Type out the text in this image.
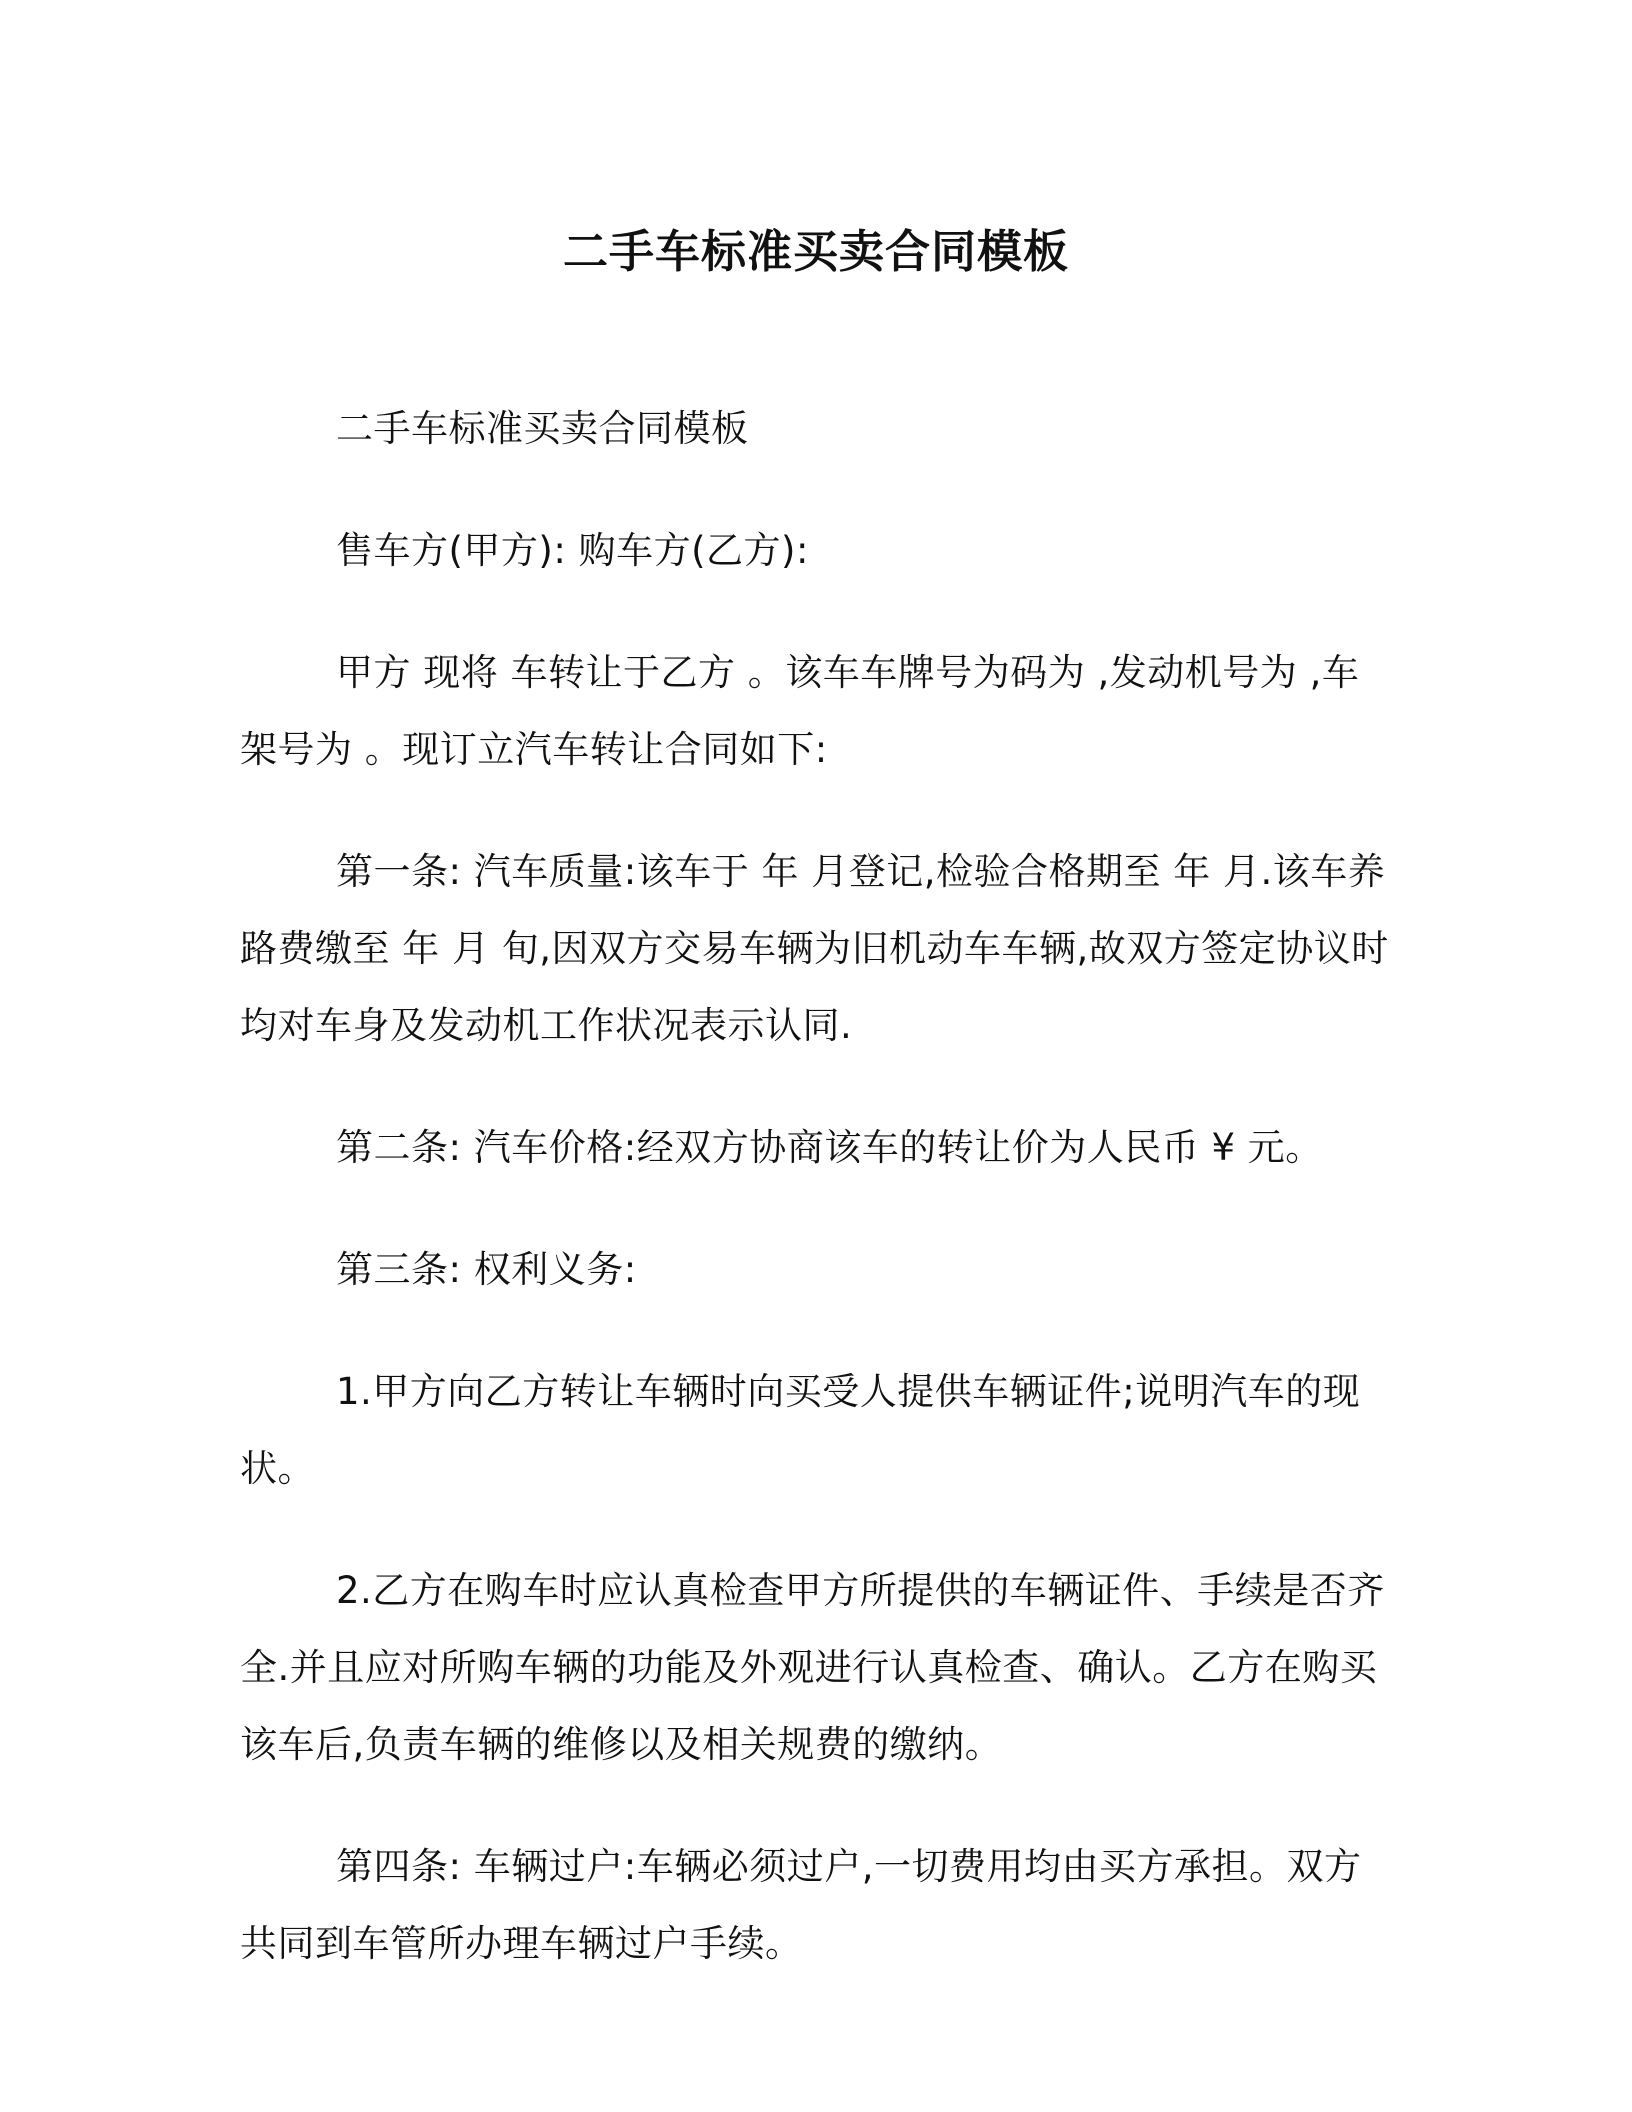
二手车标准买卖合同模板

二手车标准买卖合同模板

售车方(甲方): 购车方(乙方):

甲方 现将 车转让于乙方 。该车车牌号为码为 ,发动机号为 ,车架号为 。现订立汽车转让合同如下:

第一条: 汽车质量:该车于 年 月登记,检验合格期至 年 月.该车养路费缴至 年 月 旬,因双方交易车辆为旧机动车车辆,故双方签定协议时均对车身及发动机工作状况表示认同.

第二条: 汽车价格:经双方协商该车的转让价为人民币 ¥ 元。

第三条: 权利义务:

1.甲方向乙方转让车辆时向买受人提供车辆证件;说明汽车的现状。

2.乙方在购车时应认真检查甲方所提供的车辆证件、手续是否齐全.并且应对所购车辆的功能及外观进行认真检查、确认。乙方在购买该车后,负责车辆的维修以及相关规费的缴纳。

第四条: 车辆过户:车辆必须过户,一切费用均由买方承担。双方共同到车管所办理车辆过户手续。
